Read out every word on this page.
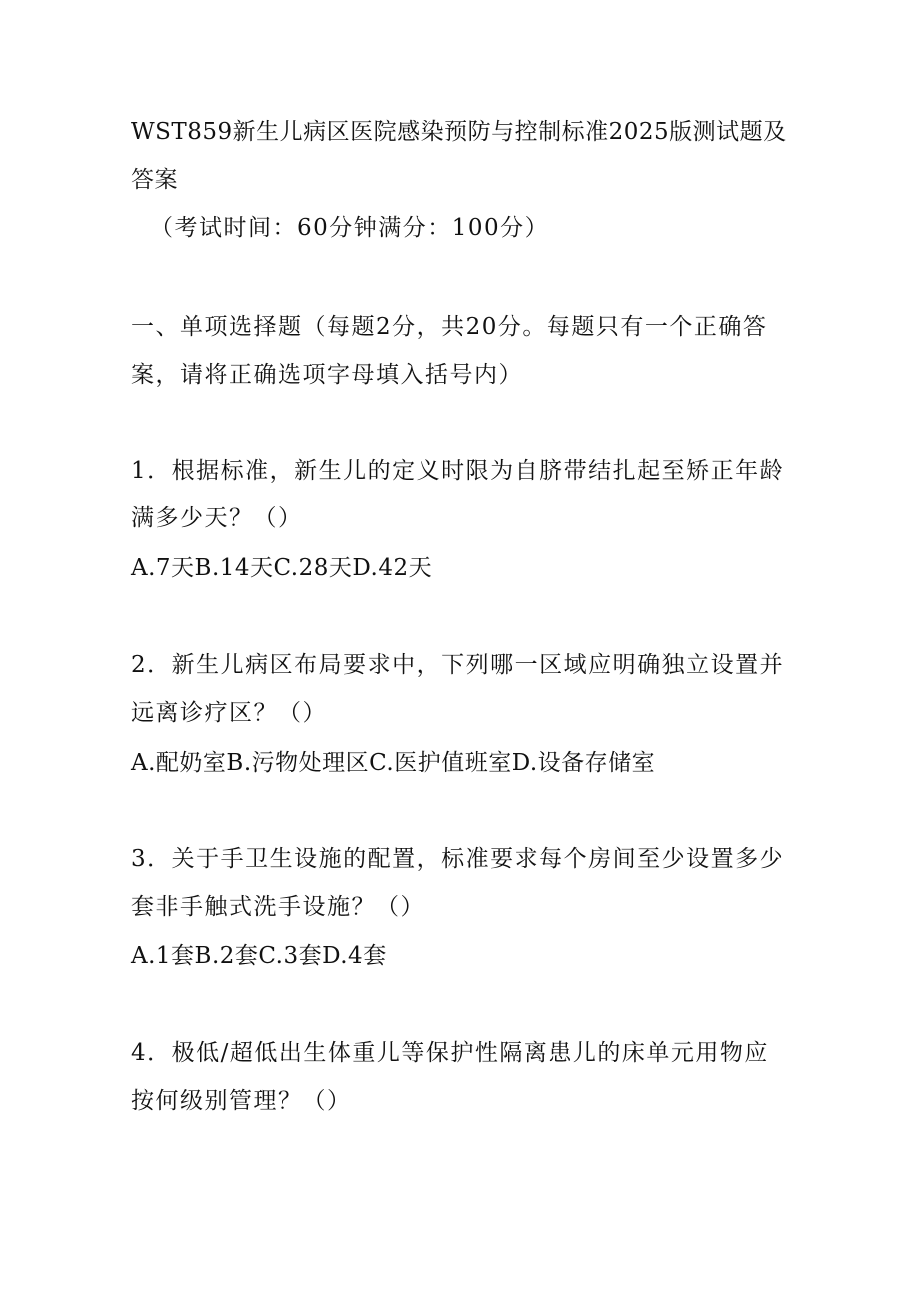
WST859新生儿病区医院感染预防与控制标准2025版测试题及

答案

（考试时间：60分钟满分：100分）

一、单项选择题（每题2分，共20分。每题只有一个正确答

案，请将正确选项字母填入括号内）

1．根据标准，新生儿的定义时限为自脐带结扎起至矫正年龄

满多少天？（）

A.7天B.14天C.28天D.42天

2．新生儿病区布局要求中，下列哪一区域应明确独立设置并

远离诊疗区？（）

A.配奶室B.污物处理区C.医护值班室D.设备存储室

3．关于手卫生设施的配置，标准要求每个房间至少设置多少

套非手触式洗手设施？（）

A.1套B.2套C.3套D.4套

4．极低/超低出生体重儿等保护性隔离患儿的床单元用物应

按何级别管理？（）
